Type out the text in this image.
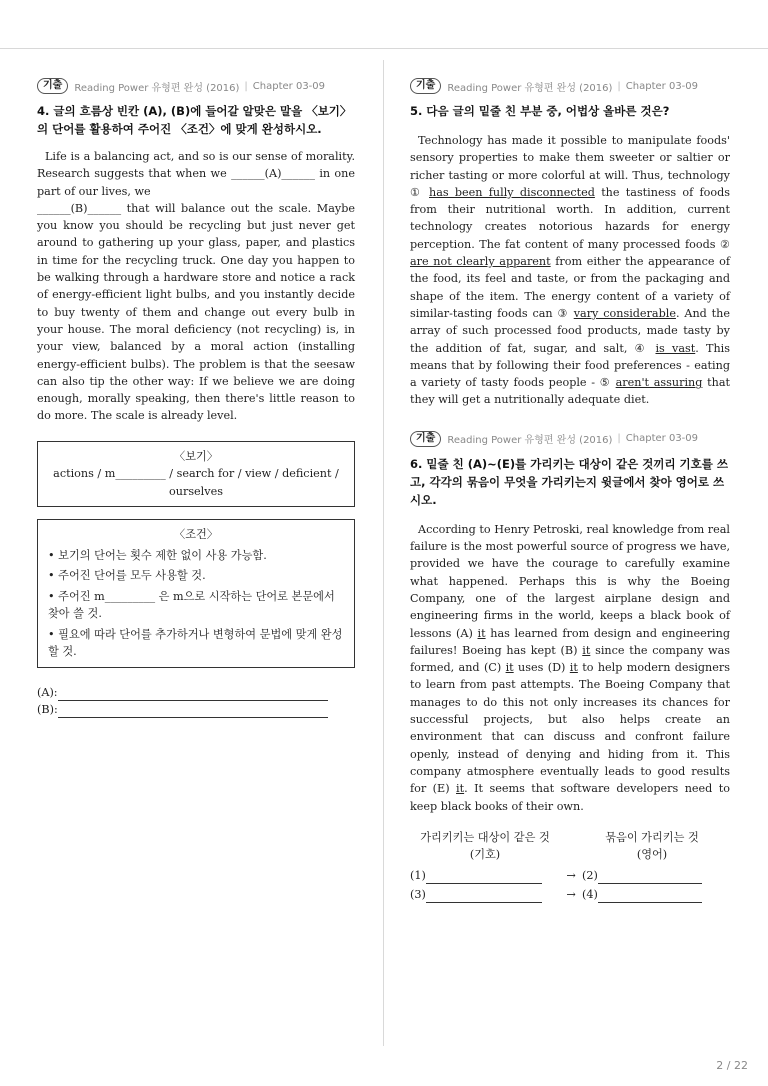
기출	Reading Power 유형편 완성 (2016) | Chapter 03-09
4. 글의 흐름상 빈칸 (A), (B)에 들어갈 알맞은 말을 〈보기〉의 단어를 활용하여 주어진 〈조건〉에 맞게 완성하시오.

Life is a balancing act, and so is our sense of morality. Research suggests that when we ______(A)______ in one part of our lives, we
______(B)______ that will balance out the scale. Maybe you know you should be recycling but just never get around to gathering up your glass, paper, and plastics in time for the recycling truck. One day you happen to be walking through a hardware store and notice a rack of energy-efficient light bulbs, and you instantly decide to buy twenty of them and change out every bulb in your house. The moral deficiency (not recycling) is, in your view, balanced by a moral action (installing energy-efficient bulbs). The problem is that the seesaw can also tip the other way: If we believe we are doing enough, morally speaking, then there's little reason to do more. The scale is already level.

〈보기〉
actions / m_________ / search for / view / deficient / ourselves
〈조건〉
• 보기의 단어는 횟수 제한 없이 사용 가능함.
• 주어진 단어를 모두 사용할 것.
• 주어진 m_________ 은 m으로 시작하는 단어로 본문에서 찾아 쓸 것.
• 필요에 따라 단어를 추가하거나 변형하여 문법에 맞게 완성할 것.
(A):
(B):
기출	Reading Power 유형편 완성 (2016) | Chapter 03-09
5. 다음 글의 밑줄 친 부분 중, 어법상 올바른 것은?

Technology has made it possible to manipulate foods' sensory properties to make them sweeter or saltier or richer tasting or more colorful at will. Thus, technology ① has been fully disconnected the tastiness of foods from their nutritional worth. In addition, current technology creates notorious hazards for energy perception. The fat content of many processed foods ② are not clearly apparent from either the appearance of the food, its feel and taste, or from the packaging and shape of the item. The energy content of a variety of similar-tasting foods can ③ vary considerable. And the array of such processed food products, made tasty by the addition of fat, sugar, and salt, ④ is vast. This means that by following their food preferences - eating a variety of tasty foods people - ⑤ aren't assuring that they will get a nutritionally adequate diet.

기출	Reading Power 유형편 완성 (2016) | Chapter 03-09
6. 밑줄 친 (A)~(E)를 가리키는 대상이 같은 것끼리 기호를 쓰고, 각각의 묶음이 무엇을 가리키는지 윗글에서 찾아 영어로 쓰시오.

According to Henry Petroski, real knowledge from real failure is the most powerful source of progress we have, provided we have the courage to carefully examine what happened. Perhaps this is why the Boeing Company, one of the largest airplane design and engineering firms in the world, keeps a black book of lessons (A) it has learned from design and engineering failures! Boeing has kept (B) it since the company was formed, and (C) it uses (D) it to help modern designers to learn from past attempts. The Boeing Company that manages to do this not only increases its chances for successful projects, but also helps create an environment that can discuss and confront failure openly, instead of denying and hiding from it. This company atmosphere eventually leads to good results for (E) it. It seems that software developers need to keep black books of their own.

가리키키는 대상이 같은 것
(기호)
묶음이 가리키는 것
(영어)
(1)	→ (2)
(3)	→ (4)
2 / 22
